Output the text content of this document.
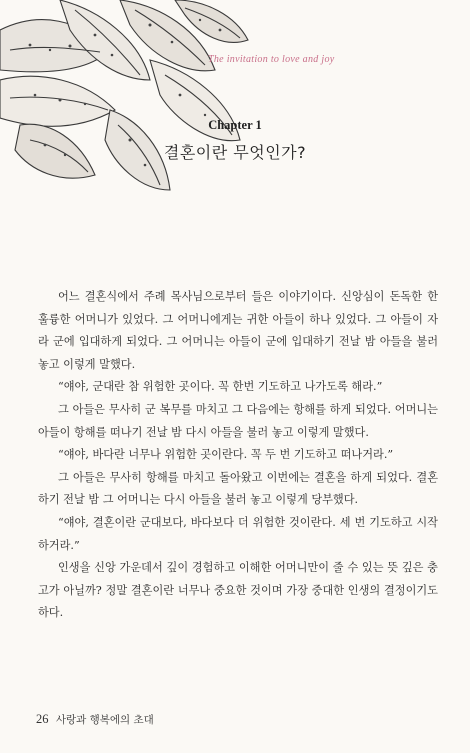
The invitation to love and joy
Chapter 1
결혼이란 무엇인가?

어느 결혼식에서 주례 목사님으로부터 들은 이야기이다. 신앙심이 돈독한 한 훌륭한 어머니가 있었다. 그 어머니에게는 귀한 아들이 하나 있었다. 그 아들이 자라 군에 입대하게 되었다. 그 어머니는 아들이 군에 입대하기 전날 밤 아들을 불러 놓고 이렇게 말했다.

“얘야, 군대란 참 위험한 곳이다. 꼭 한번 기도하고 나가도록 해라.”

그 아들은 무사히 군 복무를 마치고 그 다음에는 항해를 하게 되었다. 어머니는 아들이 항해를 떠나기 전날 밤 다시 아들을 불러 놓고 이렇게 말했다.

“얘야, 바다란 너무나 위험한 곳이란다. 꼭 두 번 기도하고 떠나거라.”

그 아들은 무사히 항해를 마치고 돌아왔고 이번에는 결혼을 하게 되었다. 결혼하기 전날 밤 그 어머니는 다시 아들을 불러 놓고 이렇게 당부했다.

“얘야, 결혼이란 군대보다, 바다보다 더 위험한 것이란다. 세 번 기도하고 시작하거라.”

인생을 신앙 가운데서 깊이 경험하고 이해한 어머니만이 줄 수 있는 뜻 깊은 충고가 아닐까? 정말 결혼이란 너무나 중요한 것이며 가장 중대한 인생의 결정이기도 하다.

26 사랑과 행복에의 초대
